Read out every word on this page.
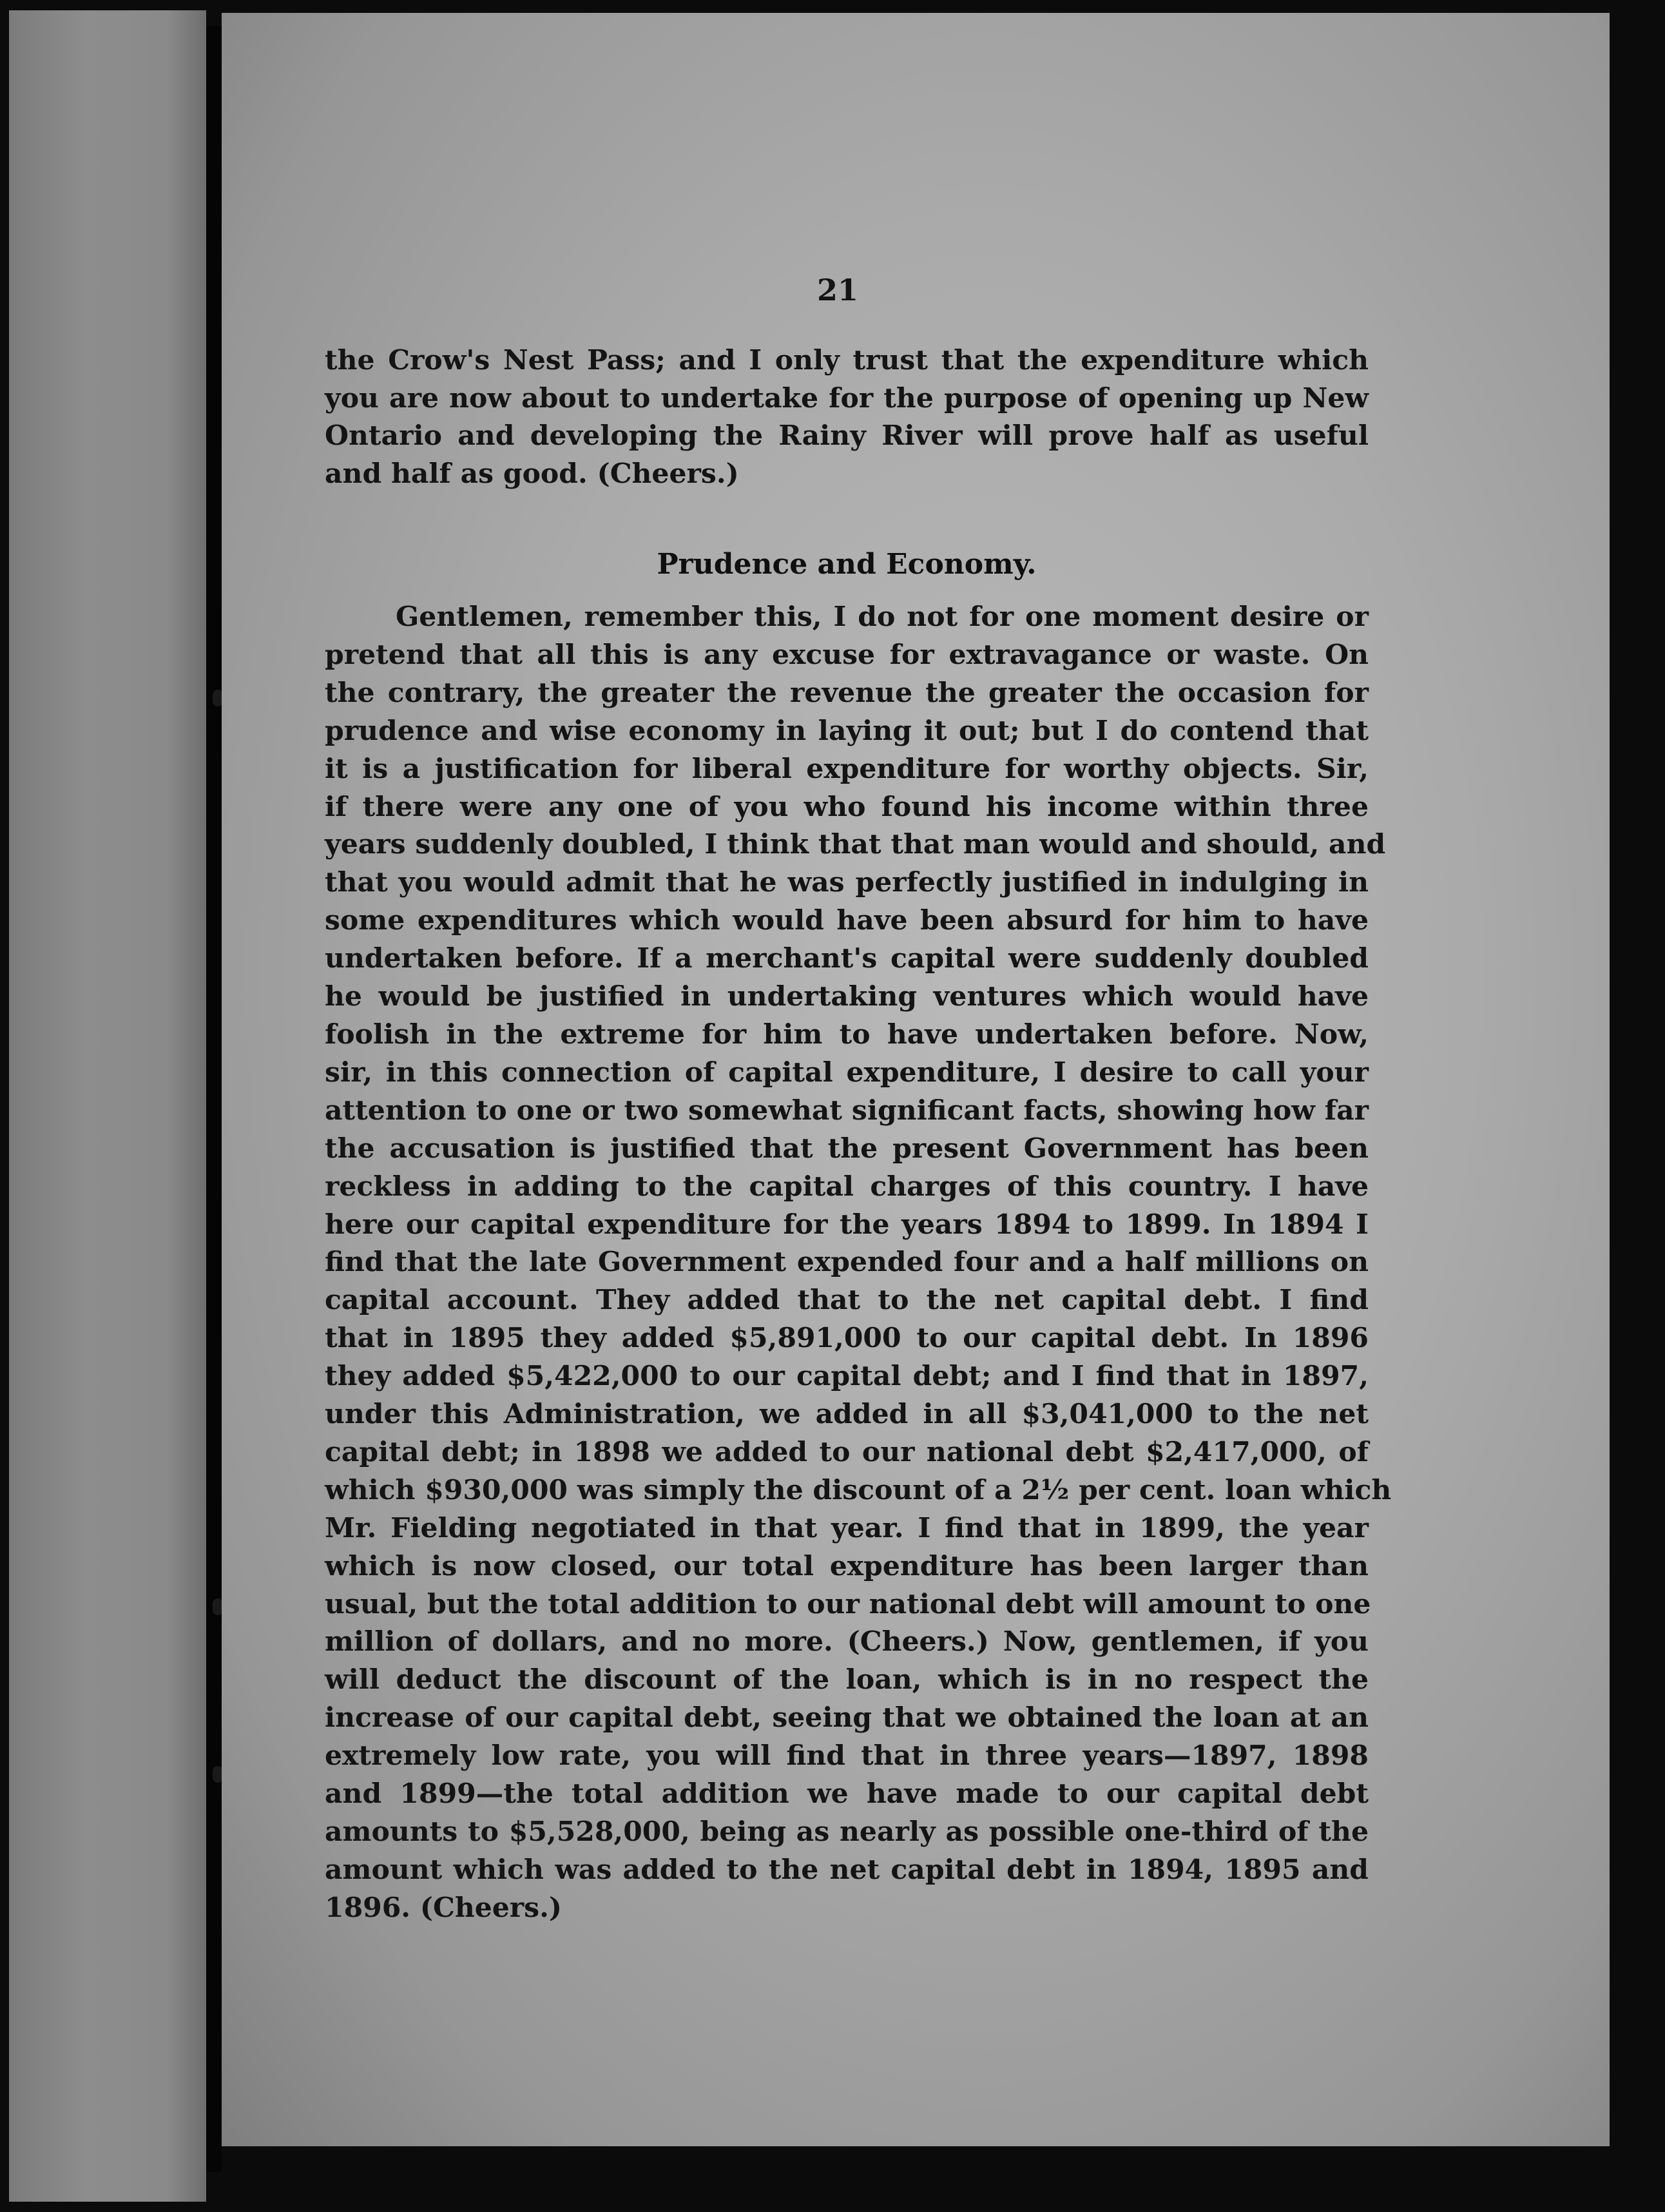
21
the Crow's Nest Pass; and I only trust that the expenditure which
you are now about to undertake for the purpose of opening up New
Ontario and developing the Rainy River will prove half as useful
and half as good. (Cheers.)
Prudence and Economy.
Gentlemen, remember this, I do not for one moment desire or
pretend that all this is any excuse for extravagance or waste. On
the contrary, the greater the revenue the greater the occasion for
prudence and wise economy in laying it out; but I do contend that
it is a justification for liberal expenditure for worthy objects. Sir,
if there were any one of you who found his income within three
years suddenly doubled, I think that that man would and should, and
that you would admit that he was perfectly justified in indulging in
some expenditures which would have been absurd for him to have
undertaken before. If a merchant's capital were suddenly doubled
he would be justified in undertaking ventures which would have
foolish in the extreme for him to have undertaken before. Now,
sir, in this connection of capital expenditure, I desire to call your
attention to one or two somewhat significant facts, showing how far
the accusation is justified that the present Government has been
reckless in adding to the capital charges of this country. I have
here our capital expenditure for the years 1894 to 1899. In 1894 I
find that the late Government expended four and a half millions on
capital account. They added that to the net capital debt. I find
that in 1895 they added $5,891,000 to our capital debt. In 1896
they added $5,422,000 to our capital debt; and I find that in 1897,
under this Administration, we added in all $3,041,000 to the net
capital debt; in 1898 we added to our national debt $2,417,000, of
which $930,000 was simply the discount of a 2½ per cent. loan which
Mr. Fielding negotiated in that year. I find that in 1899, the year
which is now closed, our total expenditure has been larger than
usual, but the total addition to our national debt will amount to one
million of dollars, and no more. (Cheers.) Now, gentlemen, if you
will deduct the discount of the loan, which is in no respect the
increase of our capital debt, seeing that we obtained the loan at an
extremely low rate, you will find that in three years—1897, 1898
and 1899—the total addition we have made to our capital debt
amounts to $5,528,000, being as nearly as possible one-third of the
amount which was added to the net capital debt in 1894, 1895 and
1896. (Cheers.)
